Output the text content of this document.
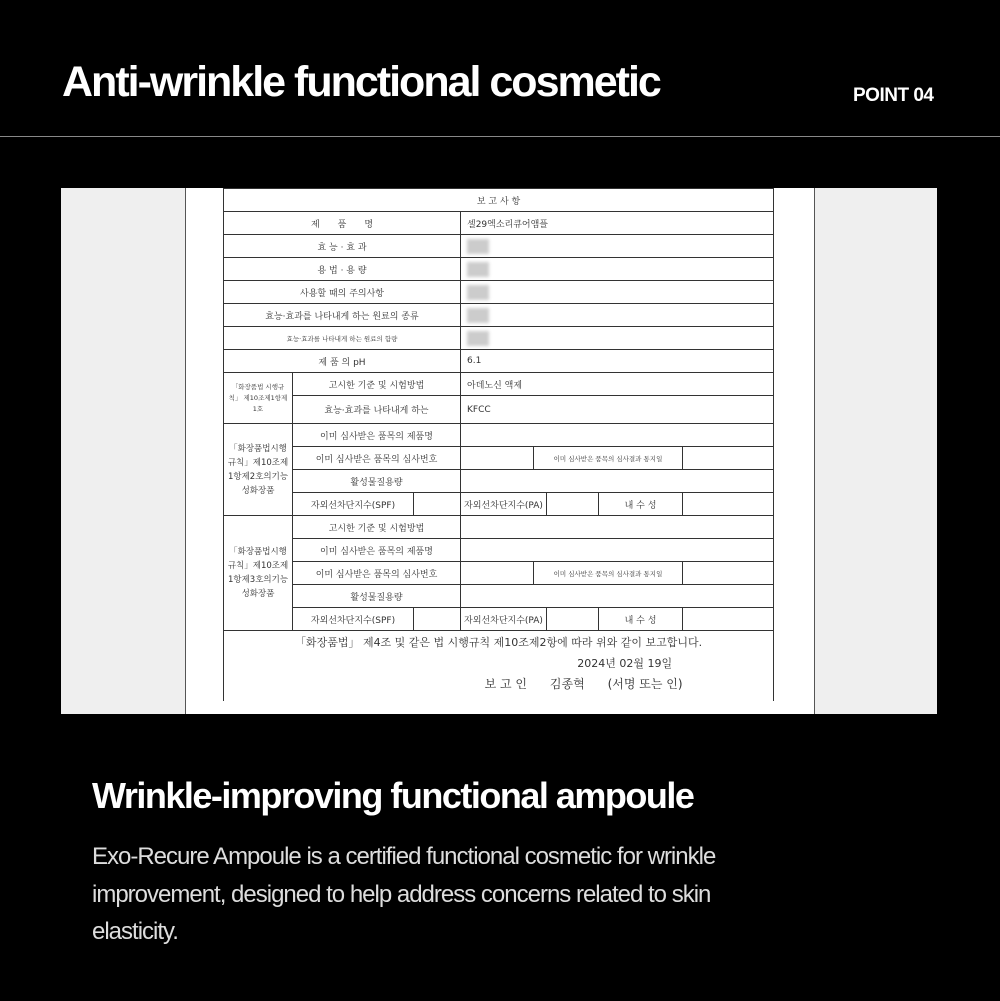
Anti-wrinkle functional cosmetic	POINT 04
보 고 사 항							
제　　품　　명			셀29엑소리큐어앰플				
효 능 · 효 과							
용 법 · 용 량							
사용할 때의 주의사항							
효능·효과를 나타내게 하는 원료의 종류							
효능·효과를 나타내게 하는 원료의 함량							
제 품 의 pH			6.1				
「화장품법 시행규칙」 제10조제1항제1호	고시한 기준 및 시험방법		아데노신 액제				
	효능·효과를 나타내게 하는		KFCC				
「화장품법시행규칙」제10조제1항제2호의기능성화장품	이미 심사받은 품목의 제품명						
	이미 심사받은 품목의 심사번호			이미 심사받은 품목의 심사결과 통지일			
	활성물질용량						
	자외선차단지수(SPF)		자외선차단지수(PA)			내 수 성	
「화장품법시행규칙」제10조제1항제3호의기능성화장품	고시한 기준 및 시험방법						
	이미 심사받은 품목의 제품명						
	이미 심사받은 품목의 심사번호			이미 심사받은 품목의 심사결과 통지일			
	활성물질용량						
	자외선차단지수(SPF)		자외선차단지수(PA)			내 수 성	

「화장품법」 제4조 및 같은 법 시행규칙 제10조제2항에 따라 위와 같이 보고합니다.
2024년 02월 19일
보 고 인 김종혁 (서명 또는 인)							
Wrinkle-improving functional ampoule
Exo-Recure Ampoule is a certified functional cosmetic for wrinkle improvement, designed to help address concerns related to skin elasticity.
